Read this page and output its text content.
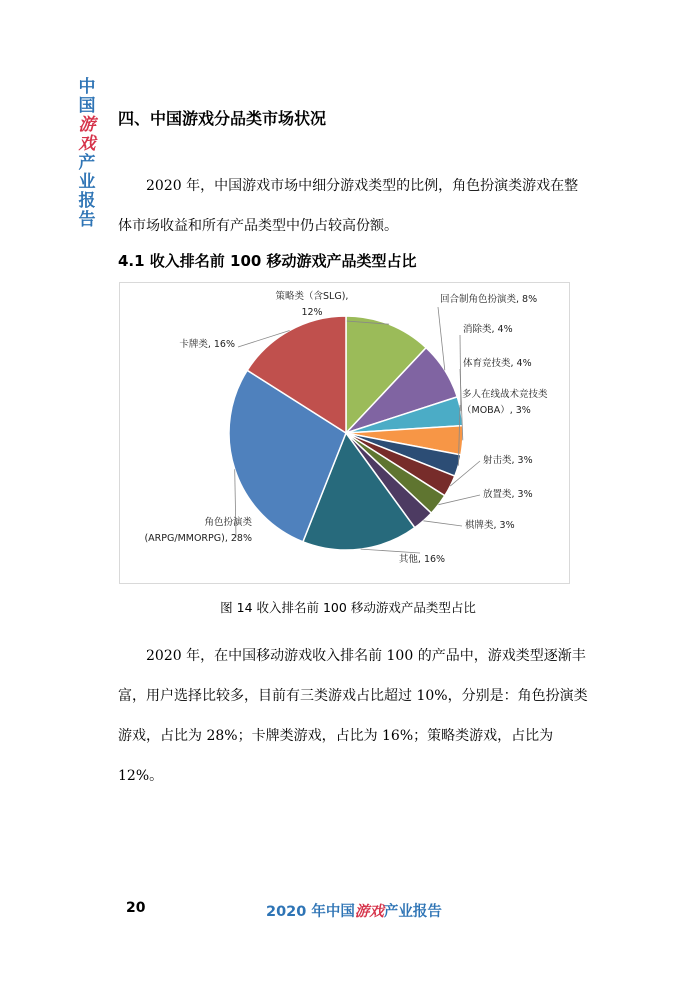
中国
游戏
产业报告
四、中国游戏分品类市场状况

2020 年，中国游戏市场中细分游戏类型的比例，角色扮演类游戏在整体市场收益和所有产品类型中仍占较高份额。

4.1 收入排名前 100 移动游戏产品类型占比
策略类（含SLG), 12%
回合制角色扮演类, 8%
消除类, 4%
体育竞技类, 4%
多人在线战术竞技类（MOBA）, 3%
射击类, 3%
放置类, 3%
棋牌类, 3%
其他, 16%
角色扮演类(ARPG/MMORPG), 28%
卡牌类, 16%
图 14 收入排名前 100 移动游戏产品类型占比

2020 年，在中国移动游戏收入排名前 100 的产品中，游戏类型逐渐丰富，用户选择比较多，目前有三类游戏占比超过 10%，分别是：角色扮演类游戏，占比为 28%；卡牌类游戏，占比为 16%；策略类游戏，占比为 12%。

20	2020 年中国游戏产业报告
